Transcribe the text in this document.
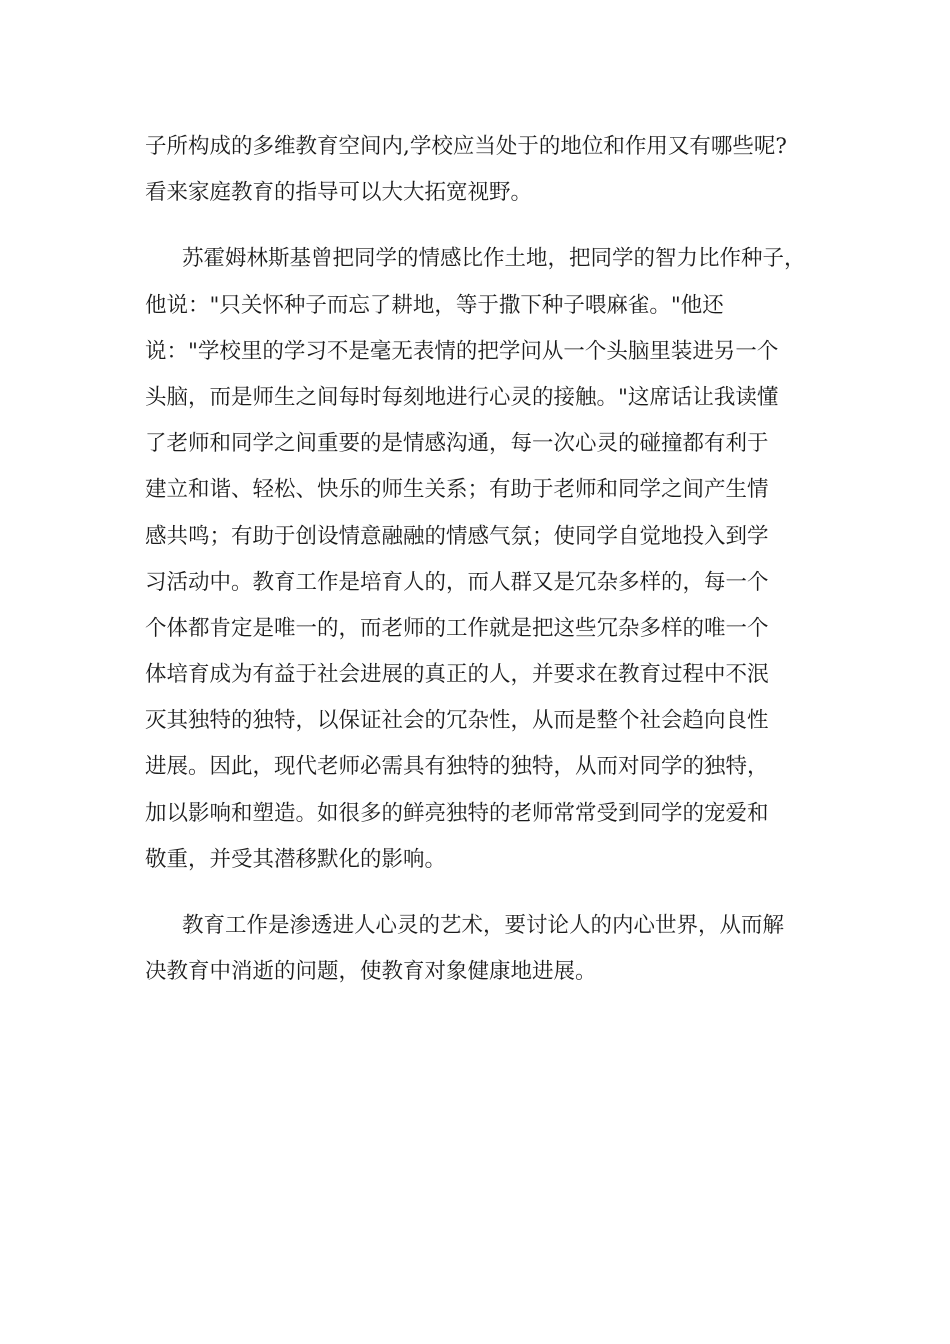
子所构成的多维教育空间内,学校应当处于的地位和作用又有哪些呢?
看来家庭教育的指导可以大大拓宽视野。
苏霍姆林斯基曾把同学的情感比作土地，把同学的智力比作种子，
他说："只关怀种子而忘了耕地，等于撒下种子喂麻雀。"他还
说："学校里的学习不是毫无表情的把学问从一个头脑里装进另一个
头脑，而是师生之间每时每刻地进行心灵的接触。"这席话让我读懂
了老师和同学之间重要的是情感沟通，每一次心灵的碰撞都有利于
建立和谐、轻松、快乐的师生关系；有助于老师和同学之间产生情
感共鸣；有助于创设情意融融的情感气氛；使同学自觉地投入到学
习活动中。教育工作是培育人的，而人群又是冗杂多样的，每一个
个体都肯定是唯一的，而老师的工作就是把这些冗杂多样的唯一个
体培育成为有益于社会进展的真正的人，并要求在教育过程中不泯
灭其独特的独特，以保证社会的冗杂性，从而是整个社会趋向良性
进展。因此，现代老师必需具有独特的独特，从而对同学的独特，
加以影响和塑造。如很多的鲜亮独特的老师常常受到同学的宠爱和
敬重，并受其潜移默化的影响。
教育工作是渗透进人心灵的艺术，要讨论人的内心世界，从而解
决教育中消逝的问题，使教育对象健康地进展。
